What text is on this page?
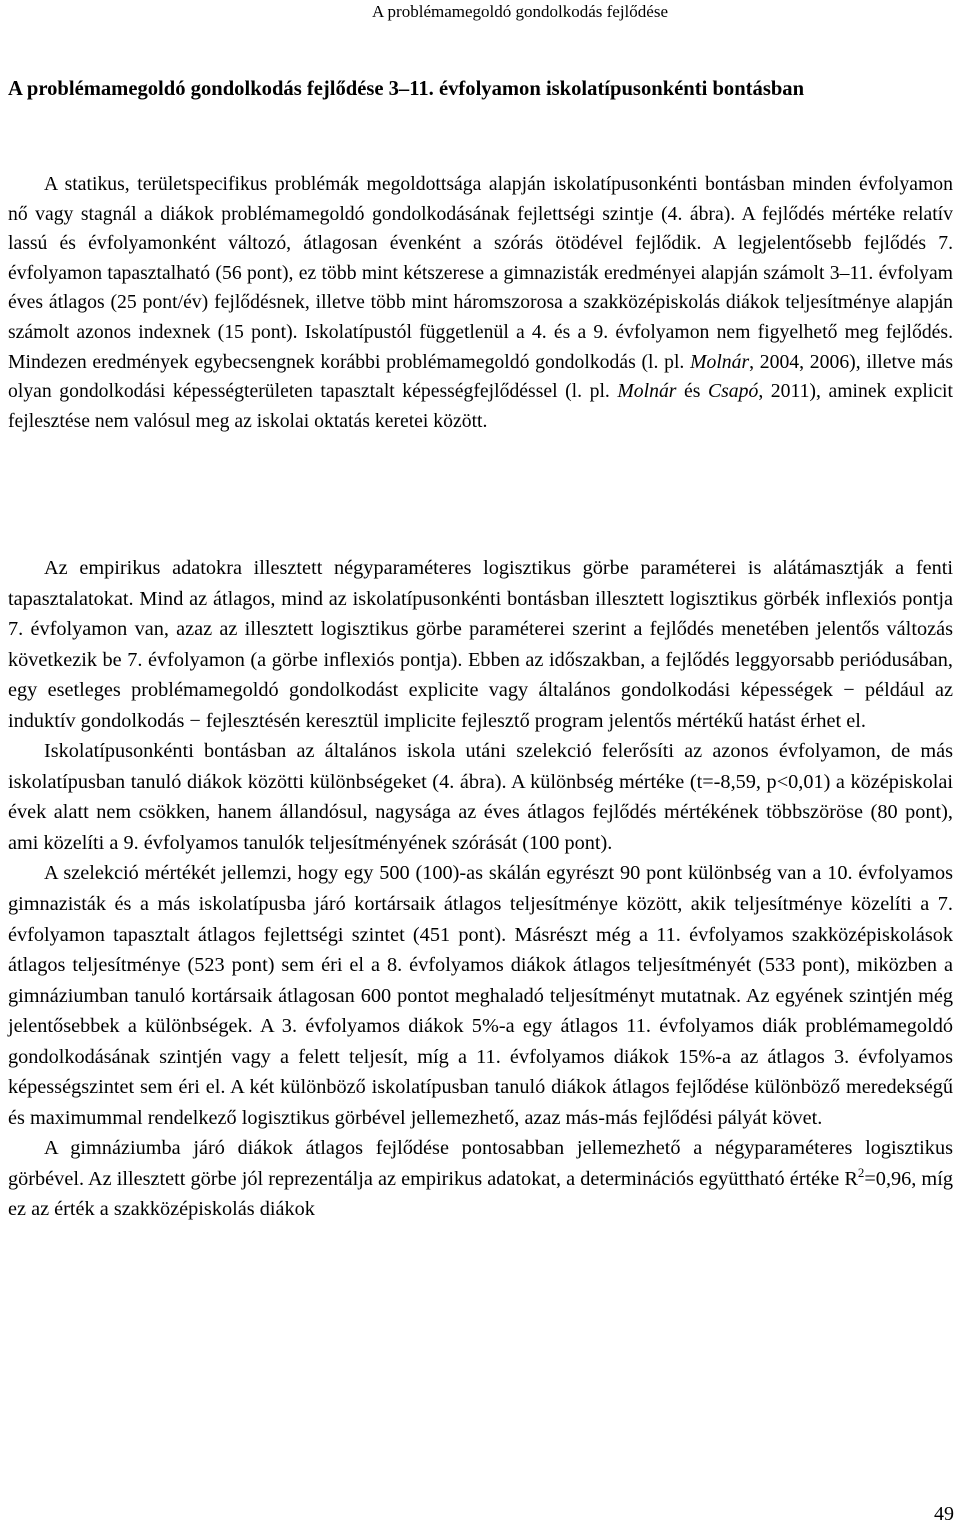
A problémamegoldó gondolkodás fejlődése
A problémamegoldó gondolkodás fejlődése 3–11. évfolyamon iskolatípusonkénti bontásban

A statikus, területspecifikus problémák megoldottsága alapján iskolatípusonkénti bontásban minden évfolyamon nő vagy stagnál a diákok problémamegoldó gondolkodásának fejlettségi szintje (4. ábra). A fejlődés mértéke relatív lassú és évfolyamonként változó, átlagosan évenként a szórás ötödével fejlődik. A legjelentősebb fejlődés 7. évfolyamon tapasztalható (56 pont), ez több mint kétszerese a gimnazisták eredményei alapján számolt 3–11. évfolyam éves átlagos (25 pont/év) fejlődésnek, illetve több mint háromszorosa a szakközépiskolás diákok teljesítménye alapján számolt azonos indexnek (15 pont). Iskolatípustól függetlenül a 4. és a 9. évfolyamon nem figyelhető meg fejlődés. Mindezen eredmények egybecsengnek korábbi problémamegoldó gondolkodás (l. pl. Molnár, 2004, 2006), illetve más olyan gondolkodási képességterületen tapasztalt képességfejlődéssel (l. pl. Molnár és Csapó, 2011), aminek explicit fejlesztése nem valósul meg az iskolai oktatás keretei között.

Az empirikus adatokra illesztett négyparaméteres logisztikus görbe paraméterei is alátámasztják a fenti tapasztalatokat. Mind az átlagos, mind az iskolatípusonkénti bontásban illesztett logisztikus görbék inflexiós pontja 7. évfolyamon van, azaz az illesztett logisztikus görbe paraméterei szerint a fejlődés menetében jelentős változás következik be 7. évfolyamon (a görbe inflexiós pontja). Ebben az időszakban, a fejlődés leggyorsabb periódusában, egy esetleges problémamegoldó gondolkodást explicite vagy általános gondolkodási képességek − például az induktív gondolkodás − fejlesztésén keresztül implicite fejlesztő program jelentős mértékű hatást érhet el.

Iskolatípusonkénti bontásban az általános iskola utáni szelekció felerősíti az azonos évfolyamon, de más iskolatípusban tanuló diákok közötti különbségeket (4. ábra). A különbség mértéke (t=-8,59, p<0,01) a középiskolai évek alatt nem csökken, hanem állandósul, nagysága az éves átlagos fejlődés mértékének többszöröse (80 pont), ami közelíti a 9. évfolyamos tanulók teljesítményének szórását (100 pont).

A szelekció mértékét jellemzi, hogy egy 500 (100)-as skálán egyrészt 90 pont különbség van a 10. évfolyamos gimnazisták és a más iskolatípusba járó kortársaik átlagos teljesítménye között, akik teljesítménye közelíti a 7. évfolyamon tapasztalt átlagos fejlettségi szintet (451 pont). Másrészt még a 11. évfolyamos szakközépiskolások átlagos teljesítménye (523 pont) sem éri el a 8. évfolyamos diákok átlagos teljesítményét (533 pont), miközben a gimnáziumban tanuló kortársaik átlagosan 600 pontot meghaladó teljesítményt mutatnak. Az egyének szintjén még jelentősebbek a különbségek. A 3. évfolyamos diákok 5%-a egy átlagos 11. évfolyamos diák problémamegoldó gondolkodásának szintjén vagy a felett teljesít, míg a 11. évfolyamos diákok 15%-a az átlagos 3. évfolyamos képességszintet sem éri el. A két különböző iskolatípusban tanuló diákok átlagos fejlődése különböző meredekségű és maximummal rendelkező logisztikus görbével jellemezhető, azaz más-más fejlődési pályát követ.

A gimnáziumba járó diákok átlagos fejlődése pontosabban jellemezhető a négyparaméteres logisztikus görbével. Az illesztett görbe jól reprezentálja az empirikus adatokat, a determinációs együttható értéke $R^2=0,96$, míg ez az érték a szakközépiskolás diákok

49
